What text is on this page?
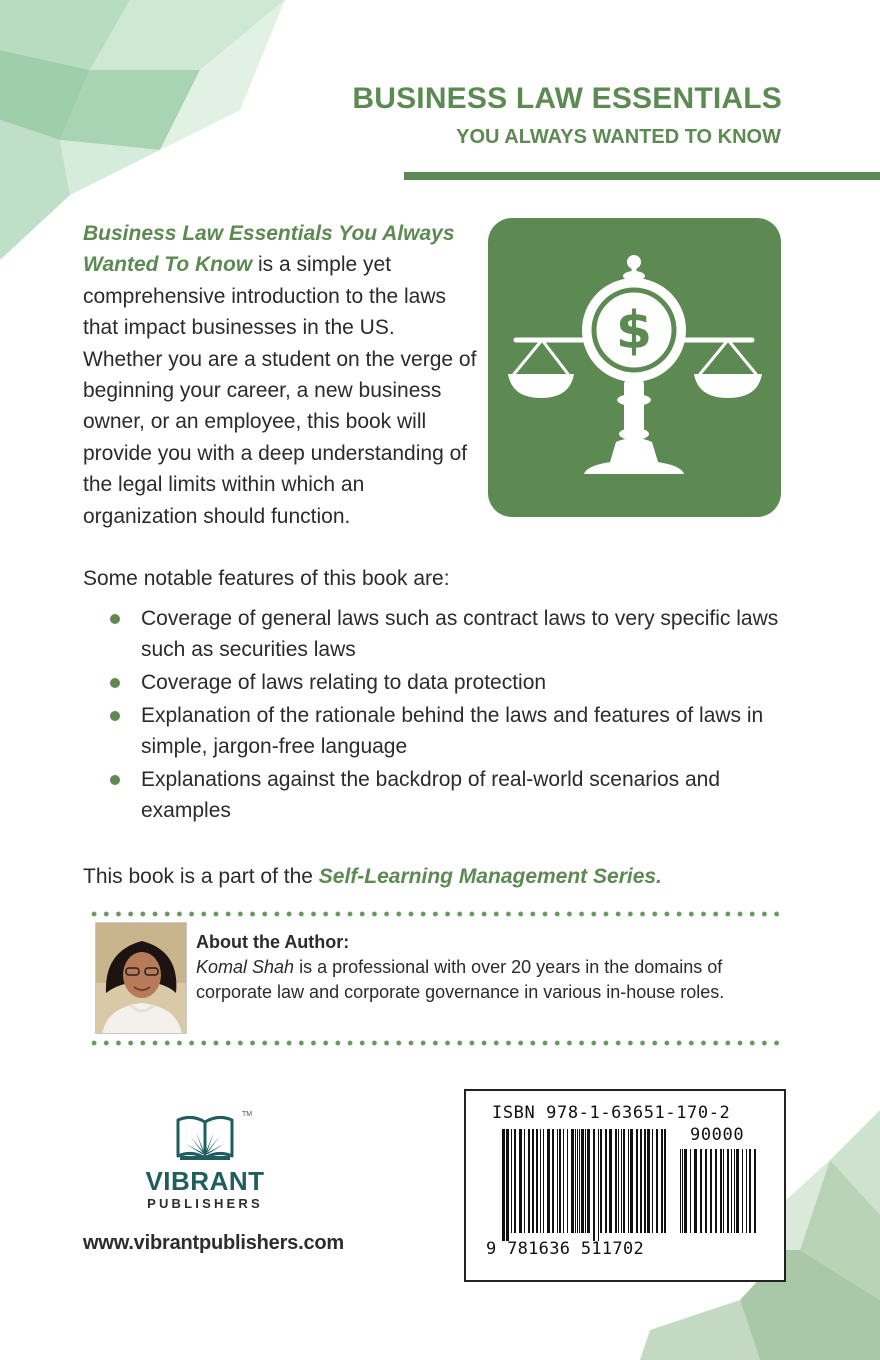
BUSINESS LAW ESSENTIALS
YOU ALWAYS WANTED TO KNOW

Business Law Essentials You Always Wanted To Know is a simple yet comprehensive introduction to the laws that impact businesses in the US. Whether you are a student on the verge of beginning your career, a new business owner, or an employee, this book will provide you with a deep understanding of the legal limits within which an organization should function.

$

Some notable features of this book are:

Coverage of general laws such as contract laws to very specific laws such as securities laws
Coverage of laws relating to data protection
Explanation of the rationale behind the laws and features of laws in simple, jargon-free language
Explanations against the backdrop of real-world scenarios and examples

This book is a part of the Self-Learning Management Series.

About the Author:

Komal Shah is a professional with over 20 years in the domains of corporate law and corporate governance in various in-house roles.

TM

VIBRANT

PUBLISHERS

www.vibrantpublishers.com

ISBN 978-1-63651-170-2

90000

9 781636 511702
